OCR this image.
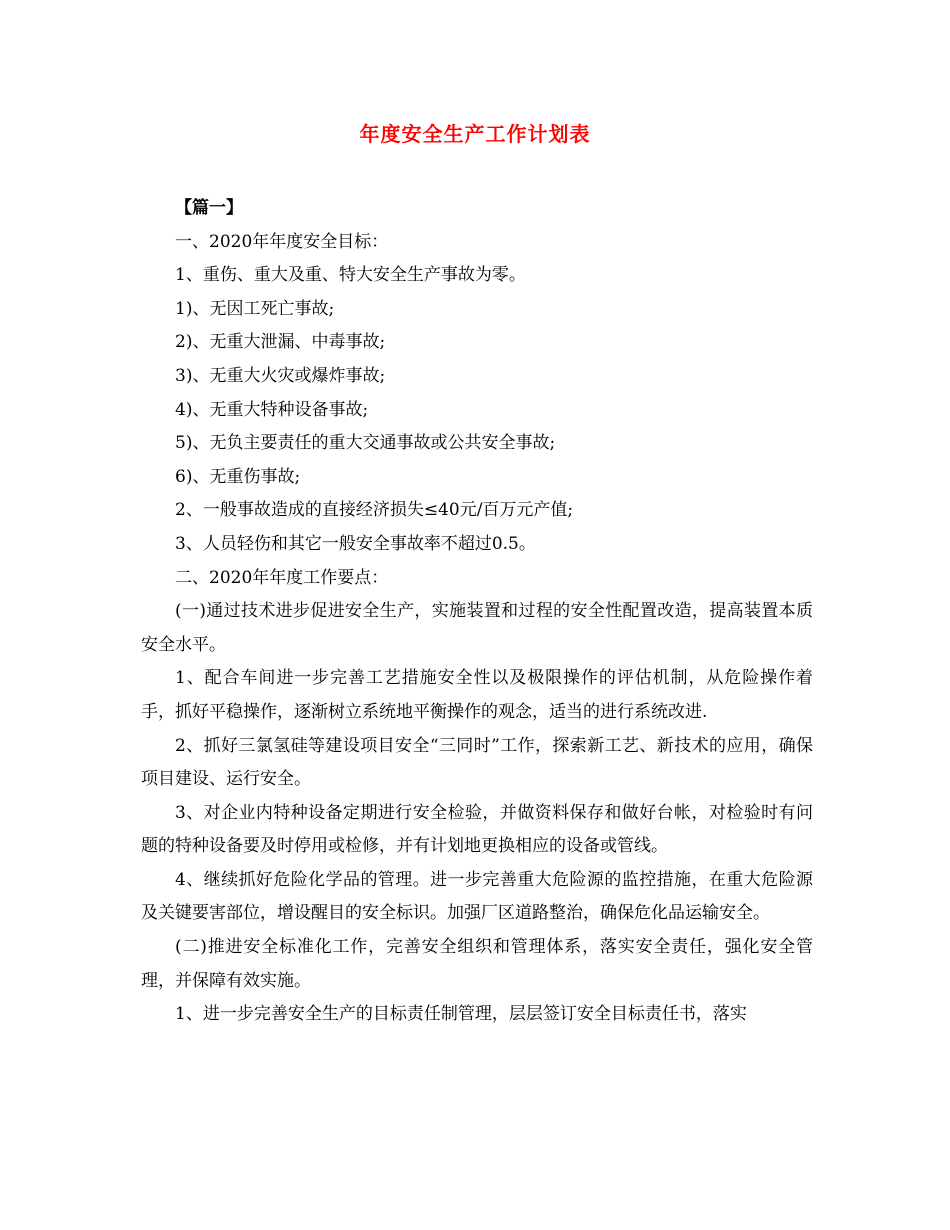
年度安全生产工作计划表

【篇一】

一、2020年年度安全目标：

1、重伤、重大及重、特大安全生产事故为零。

1)、无因工死亡事故;

2)、无重大泄漏、中毒事故;

3)、无重大火灾或爆炸事故;

4)、无重大特种设备事故;

5)、无负主要责任的重大交通事故或公共安全事故;

6)、无重伤事故;

2、一般事故造成的直接经济损失≤40元/百万元产值;

3、人员轻伤和其它一般安全事故率不超过0.5。

二、2020年年度工作要点：

(一)通过技术进步促进安全生产，实施装置和过程的安全性配置改造，提高装置本质安全水平。

1、配合车间进一步完善工艺措施安全性以及极限操作的评估机制，从危险操作着手，抓好平稳操作，逐渐树立系统地平衡操作的观念，适当的进行系统改进.

2、抓好三氯氢硅等建设项目安全“三同时”工作，探索新工艺、新技术的应用，确保项目建设、运行安全。

3、对企业内特种设备定期进行安全检验，并做资料保存和做好台帐，对检验时有问题的特种设备要及时停用或检修，并有计划地更换相应的设备或管线。

4、继续抓好危险化学品的管理。进一步完善重大危险源的监控措施，在重大危险源及关键要害部位，增设醒目的安全标识。加强厂区道路整治，确保危化品运输安全。

(二)推进安全标准化工作，完善安全组织和管理体系，落实安全责任，强化安全管理，并保障有效实施。

1、进一步完善安全生产的目标责任制管理，层层签订安全目标责任书，落实
